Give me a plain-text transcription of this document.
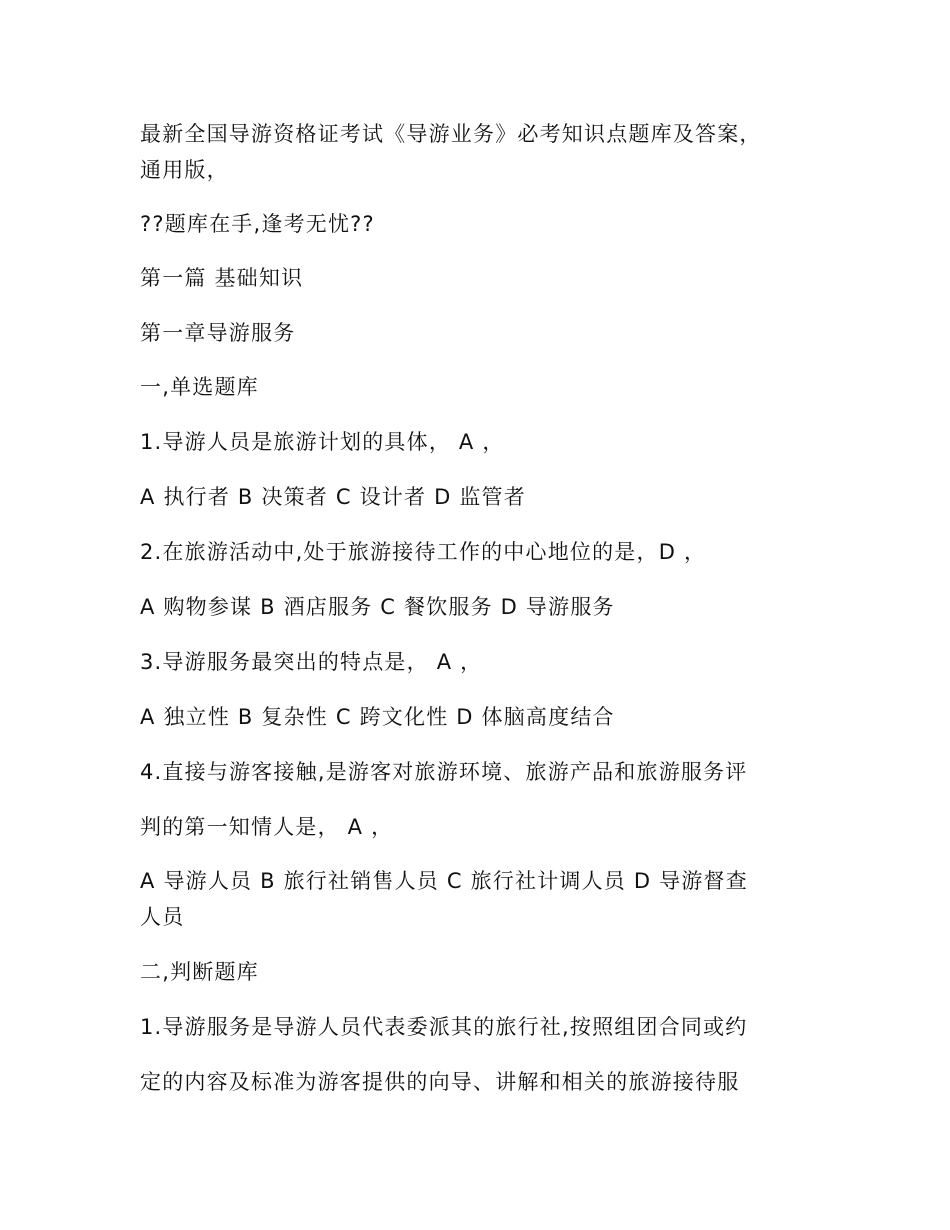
最新全国导游资格证考试《导游业务》必考知识点题库及答案，
通用版，
??题库在手,逢考无忧??
第一篇 基础知识
第一章导游服务
一,单选题库
1.导游人员是旅游计划的具体， A ，
A 执行者 B 决策者 C 设计者 D 监管者
2.在旅游活动中,处于旅游接待工作的中心地位的是，D ，
A 购物参谋 B 酒店服务 C 餐饮服务 D 导游服务
3.导游服务最突出的特点是， A ，
A 独立性 B 复杂性 C 跨文化性 D 体脑高度结合
4.直接与游客接触,是游客对旅游环境、旅游产品和旅游服务评
判的第一知情人是， A ，
A 导游人员 B 旅行社销售人员 C 旅行社计调人员 D 导游督查
人员
二,判断题库
1.导游服务是导游人员代表委派其的旅行社,按照组团合同或约
定的内容及标准为游客提供的向导、讲解和相关的旅游接待服
